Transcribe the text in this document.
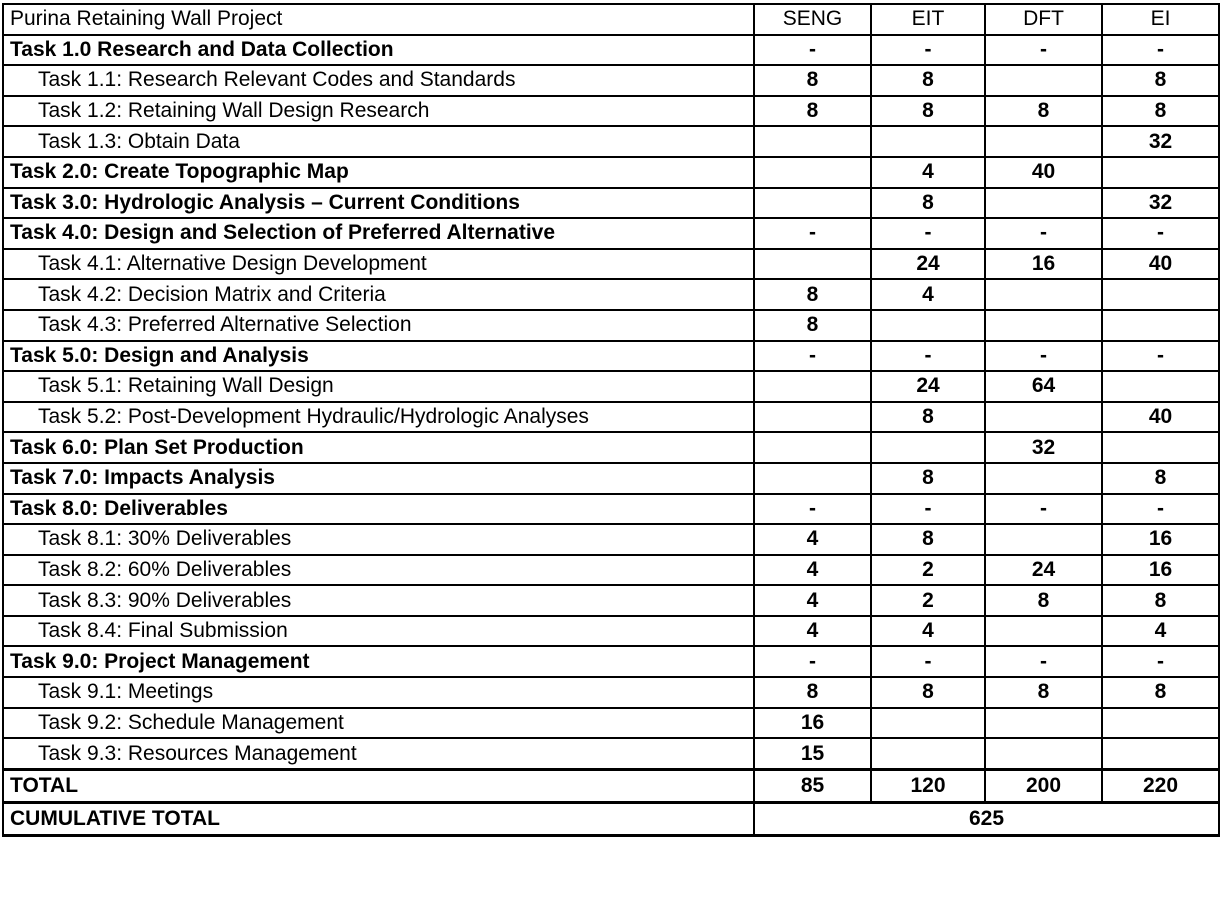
Purina Retaining Wall Project	SENG	EIT	DFT	EI
Task 1.0 Research and Data Collection	-	-	-	-
Task 1.1: Research Relevant Codes and Standards	8	8		8
Task 1.2: Retaining Wall Design Research	8	8	8	8
Task 1.3: Obtain Data				32
Task 2.0: Create Topographic Map		4	40	
Task 3.0: Hydrologic Analysis – Current Conditions		8		32
Task 4.0: Design and Selection of Preferred Alternative	-	-	-	-
Task 4.1: Alternative Design Development		24	16	40
Task 4.2: Decision Matrix and Criteria	8	4		
Task 4.3: Preferred Alternative Selection	8			
Task 5.0: Design and Analysis	-	-	-	-
Task 5.1: Retaining Wall Design		24	64	
Task 5.2: Post-Development Hydraulic/Hydrologic Analyses		8		40
Task 6.0: Plan Set Production			32	
Task 7.0: Impacts Analysis		8		8
Task 8.0: Deliverables	-	-	-	-
Task 8.1: 30% Deliverables	4	8		16
Task 8.2: 60% Deliverables	4	2	24	16
Task 8.3: 90% Deliverables	4	2	8	8
Task 8.4: Final Submission	4	4		4
Task 9.0: Project Management	-	-	-	-
Task 9.1: Meetings	8	8	8	8
Task 9.2: Schedule Management	16			
Task 9.3: Resources Management	15			
TOTAL	85	120	200	220
CUMULATIVE TOTAL	625			
